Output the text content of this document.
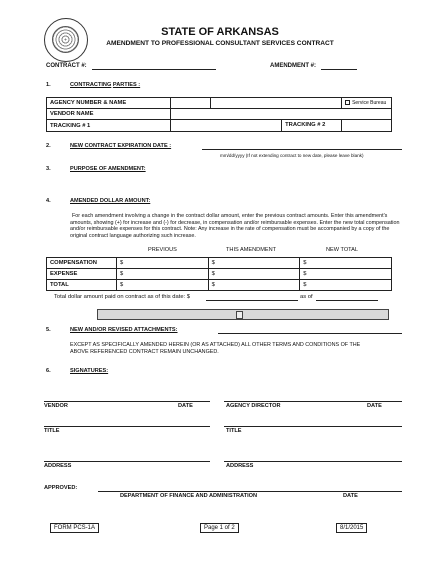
STATE OF ARKANSAS
AMENDMENT TO PROFESSIONAL CONSULTANT SERVICES CONTRACT
CONTRACT #:	AMENDMENT #:
1.	CONTRACTING PARTIES :
AGENCY NUMBER & NAME			Service Bureau
VENDOR NAME			
TRACKING # 1	TRACKING # 2		

2.	NEW CONTRACT EXPIRATION DATE :
mm/dd/yyyy (If not extending contract to new date, please leave blank)
3.	PURPOSE OF AMENDMENT:
4.	AMENDED DOLLAR AMOUNT:
For each amendment involving a change in the contract dollar amount, enter the previous contract amounts. Enter this amendment's amounts, showing (+) for increase and (-) for decrease, in compensation and/or reimbursable expenses. Enter the new total compensation and/or reimbursable expenses for this contract. Note: Any increase in the rate of compensation must be accompanied by a copy of the original contract language authorizing such increase.
PREVIOUS	THIS AMENDMENT	NEW TOTAL
COMPENSATION	$	$	$
EXPENSE	$	$	$
TOTAL	$	$	$
Total dollar amount paid on contract as of this date: $	as of
5.	NEW AND/OR REVISED ATTACHMENTS:
EXCEPT AS SPECIFICALLY AMENDED HEREIN (OR AS ATTACHED) ALL OTHER TERMS AND CONDITIONS OF THE ABOVE REFERENCED CONTRACT REMAIN UNCHANGED.
6.	SIGNATURES:
VENDOR	DATE	AGENCY DIRECTOR	DATE
TITLE	TITLE
ADDRESS	ADDRESS
APPROVED:
DEPARTMENT OF FINANCE AND ADMINISTRATION	DATE
FORM PCS-1A	Page 1 of 2	8/1/2015
